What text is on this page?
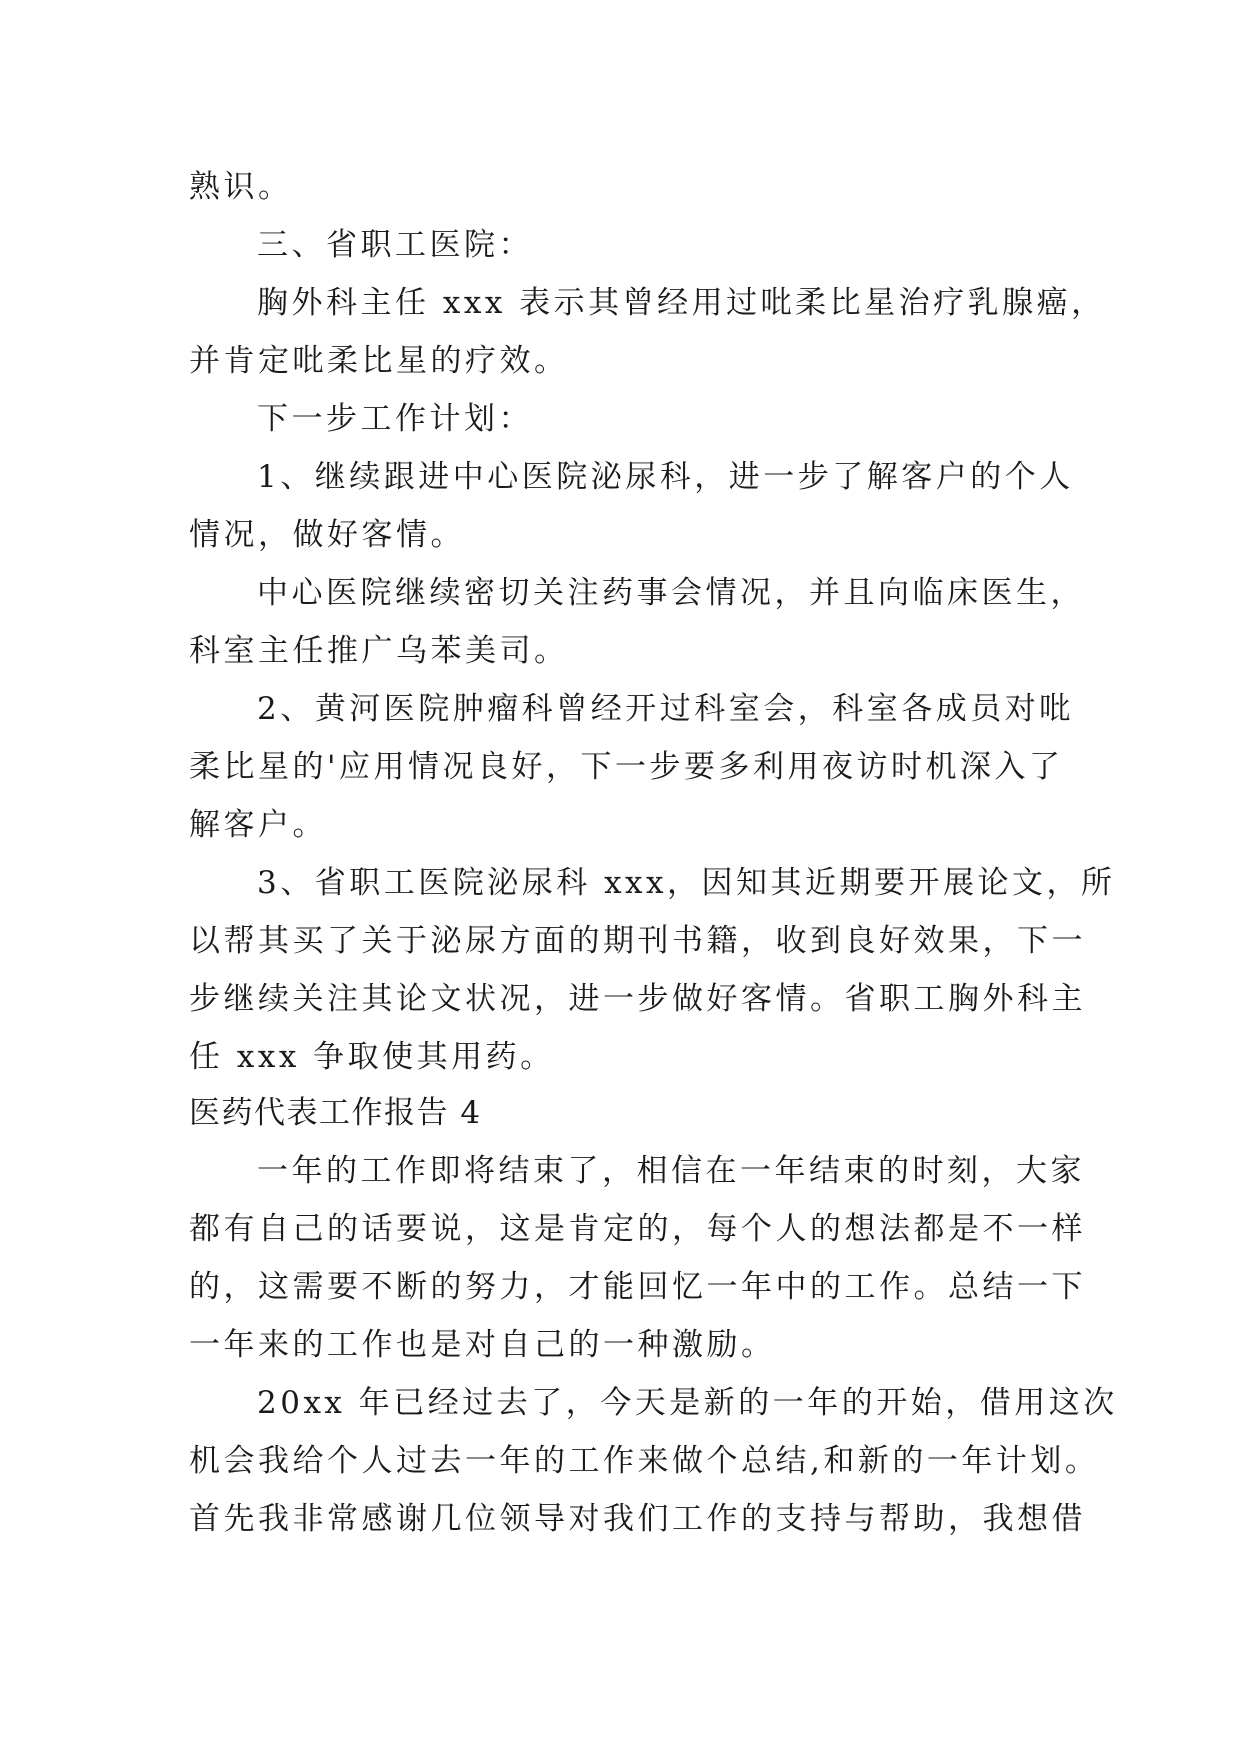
熟识。

三、省职工医院：

胸外科主任 xxx 表示其曾经用过吡柔比星治疗乳腺癌，

并肯定吡柔比星的疗效。

下一步工作计划：

1、继续跟进中心医院泌尿科，进一步了解客户的个人

情况，做好客情。

中心医院继续密切关注药事会情况，并且向临床医生，

科室主任推广乌苯美司。

2、黄河医院肿瘤科曾经开过科室会，科室各成员对吡

柔比星的'应用情况良好，下一步要多利用夜访时机深入了

解客户。

3、省职工医院泌尿科 xxx，因知其近期要开展论文，所

以帮其买了关于泌尿方面的期刊书籍，收到良好效果，下一

步继续关注其论文状况，进一步做好客情。省职工胸外科主

任 xxx 争取使其用药。

医药代表工作报告 4

一年的工作即将结束了，相信在一年结束的时刻，大家

都有自己的话要说，这是肯定的，每个人的想法都是不一样

的，这需要不断的努力，才能回忆一年中的工作。总结一下

一年来的工作也是对自己的一种激励。

20xx 年已经过去了，今天是新的一年的开始，借用这次

机会我给个人过去一年的工作来做个总结,和新的一年计划。

首先我非常感谢几位领导对我们工作的支持与帮助，我想借
